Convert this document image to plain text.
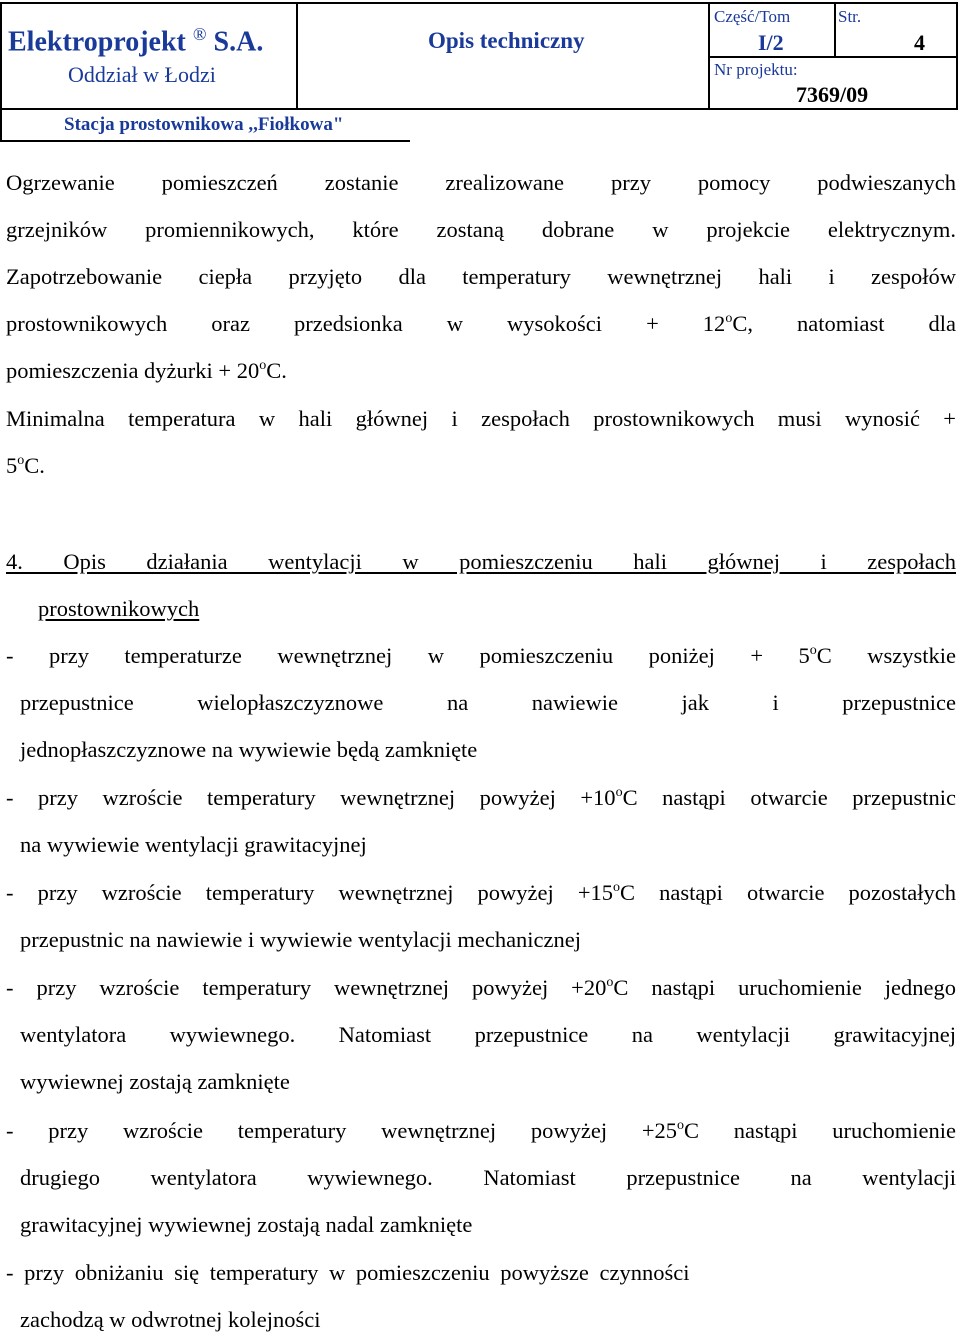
Elektroprojekt ® S.A.
Oddział w Łodzi
Opis techniczny
Część/Tom
I/2
Str.
4
Nr projektu:
7369/09
Stacja prostownikowa ,,Fiołkowa"
Ogrzewanie pomieszczeń zostanie zrealizowane przy pomocy podwieszanych
grzejników promiennikowych, które zostaną dobrane w projekcie elektrycznym.
Zapotrzebowanie ciepła przyjęto dla temperatury wewnętrznej hali i zespołów
prostownikowych oraz przedsionka w wysokości + $12^oC$, natomiast dla
pomieszczenia dyżurki + $20^oC$.
Minimalna temperatura w hali głównej i zespołach prostownikowych musi wynosić +
$5^oC$.
4. Opis działania wentylacji w pomieszczeniu hali głównej i zespołach
prostownikowych
- przy temperaturze wewnętrznej w pomieszczeniu poniżej + $5^oC$ wszystkie
przepustnice wielopłaszczyznowe na nawiewie jak i przepustnice
jednopłaszczyznowe na wywiewie będą zamknięte
- przy wzroście temperatury wewnętrznej powyżej $+10^oC$ nastąpi otwarcie przepustnic
na wywiewie wentylacji grawitacyjnej
- przy wzroście temperatury wewnętrznej powyżej $+15^oC$ nastąpi otwarcie pozostałych
przepustnic na nawiewie i wywiewie wentylacji mechanicznej
- przy wzroście temperatury wewnętrznej powyżej $+20^oC$ nastąpi uruchomienie jednego
wentylatora wywiewnego. Natomiast przepustnice na wentylacji grawitacyjnej
wywiewnej zostają zamknięte
- przy wzroście temperatury wewnętrznej powyżej $+25^oC$ nastąpi uruchomienie
drugiego wentylatora wywiewnego. Natomiast przepustnice na wentylacji
grawitacyjnej wywiewnej zostają nadal zamknięte
- przy obniżaniu się temperatury w pomieszczeniu powyższe czynności
zachodzą w odwrotnej kolejności
